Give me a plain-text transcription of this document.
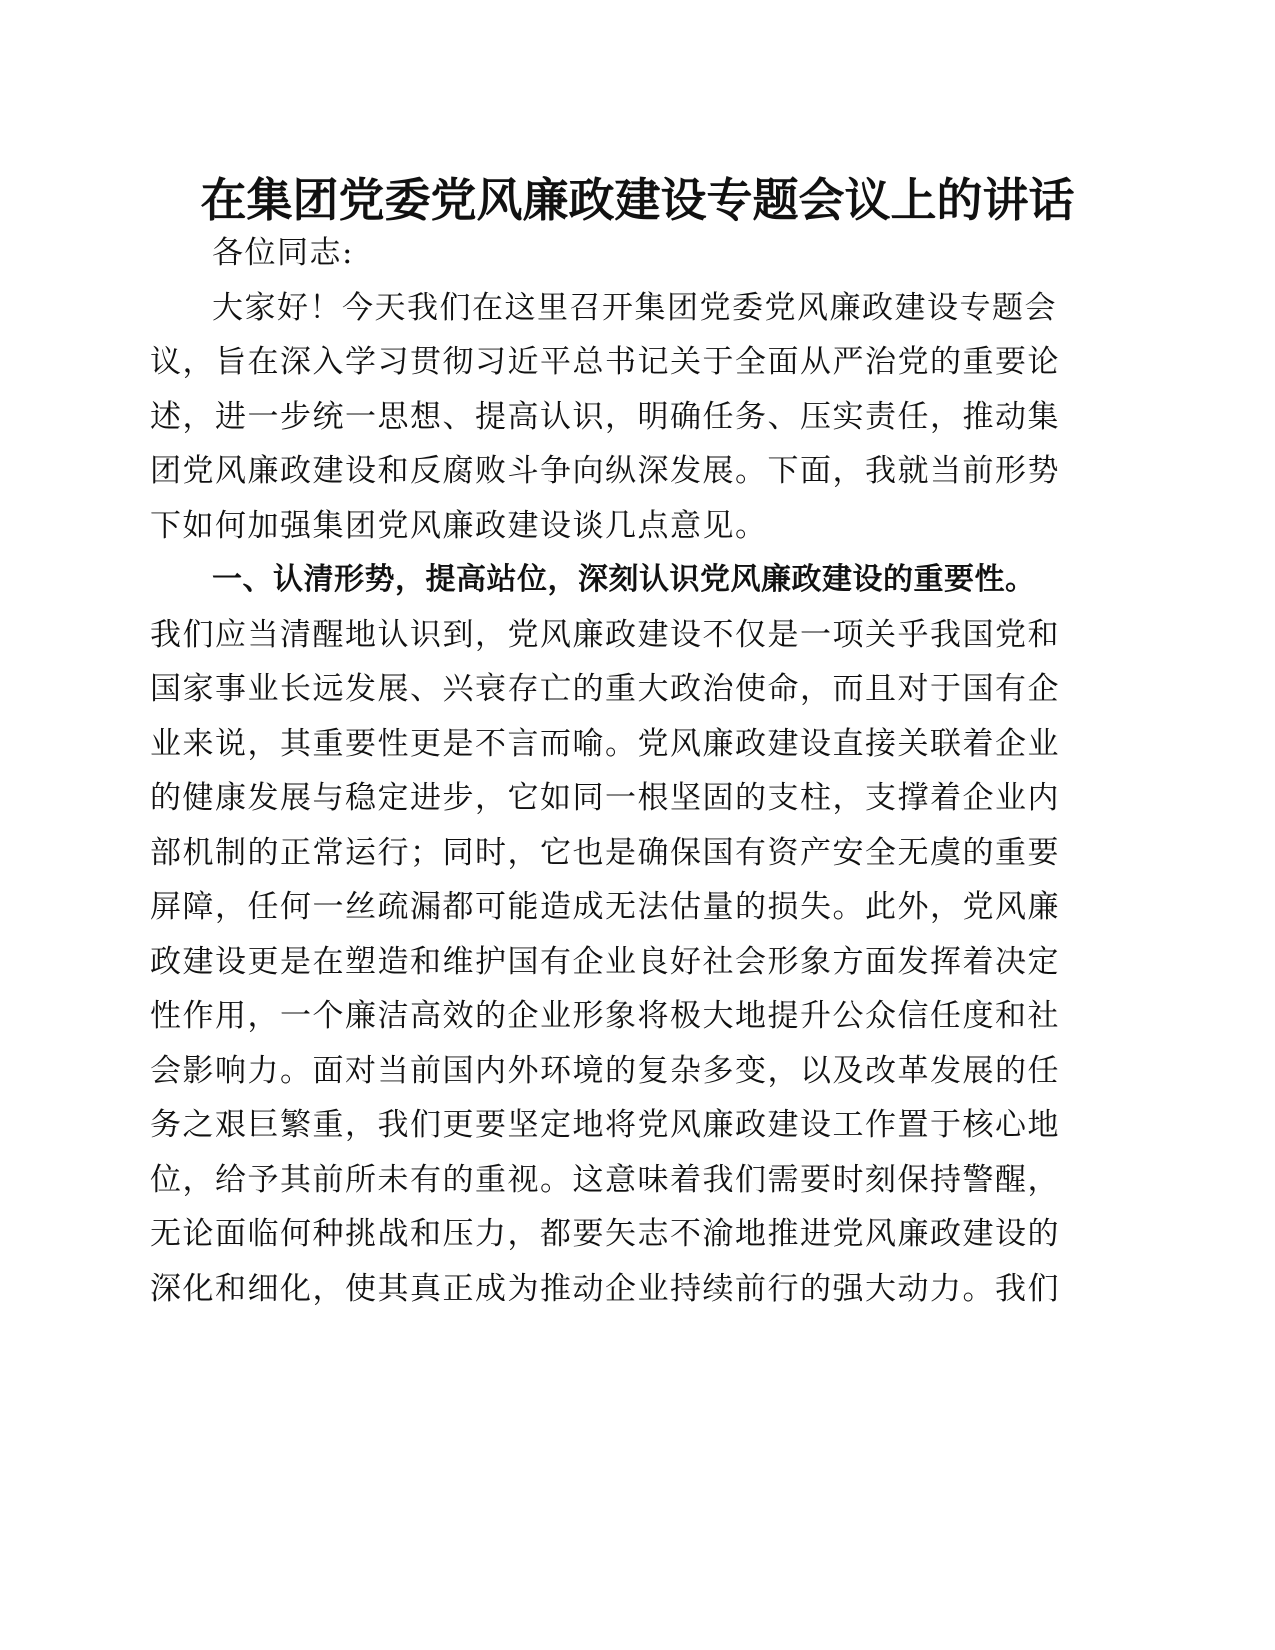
在集团党委党风廉政建设专题会议上的讲话
各位同志:
大家好！今天我们在这里召开集团党委党风廉政建设专题会
议，旨在深入学习贯彻习近平总书记关于全面从严治党的重要论
述，进一步统一思想、提高认识，明确任务、压实责任，推动集
团党风廉政建设和反腐败斗争向纵深发展。下面，我就当前形势
下如何加强集团党风廉政建设谈几点意见。
一、认清形势，提高站位，深刻认识党风廉政建设的重要性。
我们应当清醒地认识到，党风廉政建设不仅是一项关乎我国党和
国家事业长远发展、兴衰存亡的重大政治使命，而且对于国有企
业来说，其重要性更是不言而喻。党风廉政建设直接关联着企业
的健康发展与稳定进步，它如同一根坚固的支柱，支撑着企业内
部机制的正常运行；同时，它也是确保国有资产安全无虞的重要
屏障，任何一丝疏漏都可能造成无法估量的损失。此外，党风廉
政建设更是在塑造和维护国有企业良好社会形象方面发挥着决定
性作用，一个廉洁高效的企业形象将极大地提升公众信任度和社
会影响力。面对当前国内外环境的复杂多变，以及改革发展的任
务之艰巨繁重，我们更要坚定地将党风廉政建设工作置于核心地
位，给予其前所未有的重视。这意味着我们需要时刻保持警醒，
无论面临何种挑战和压力，都要矢志不渝地推进党风廉政建设的
深化和细化，使其真正成为推动企业持续前行的强大动力。我们
